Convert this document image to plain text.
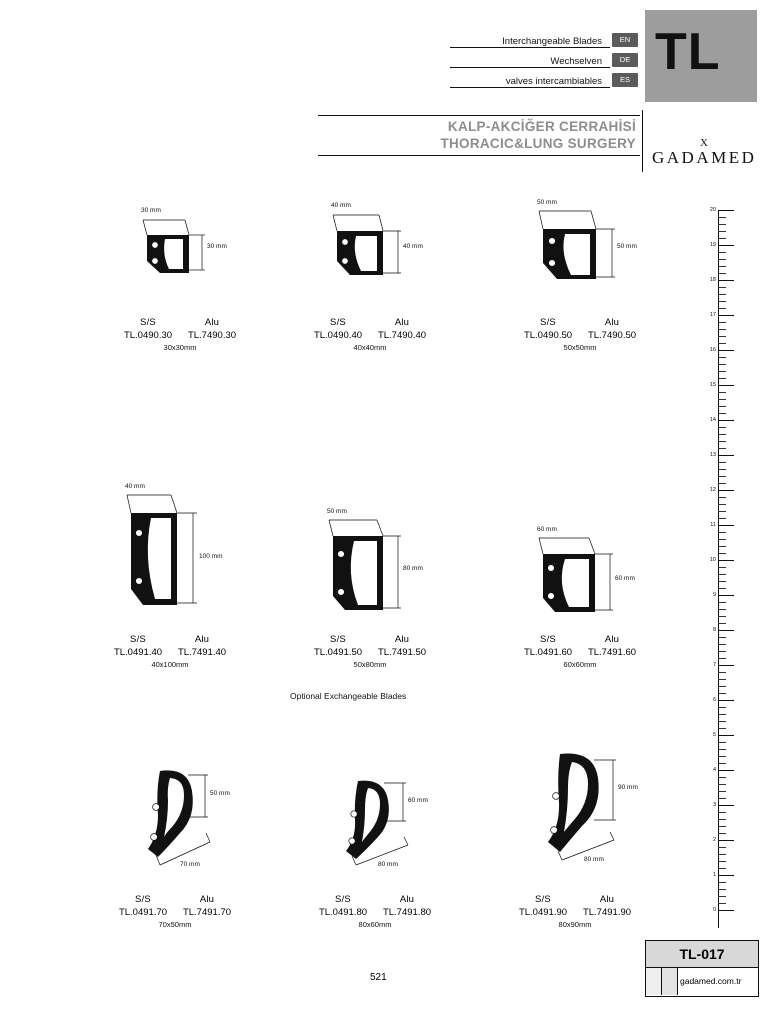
TL
Interchangeable Blades	EN
Wechselven	DE
valves intercambiables	ES
KALP-AKCİĞER CERRAHİSİ
THORACIC&LUNG SURGERY
GADAMED
X
20
19
18
17
16
15
14
13
12
11
10
9
8
7
6
5
4
3
2
1
0
30 mm
30 mm
S/S	Alu
TL.0490.30 TL.7490.30
30x30mm
40 mm
40 mm
S/S	Alu
TL.0490.40 TL.7490.40
40x40mm
50 mm
50 mm
S/S	Alu
TL.0490.50 TL.7490.50
50x50mm
40 mm
100 mm
S/S	Alu
TL.0491.40 TL.7491.40
40x100mm
50 mm
80 mm
S/S	Alu
TL.0491.50 TL.7491.50
50x80mm
60 mm
60 mm
S/S	Alu
TL.0491.60 TL.7491.60
60x60mm
50 mm
70 mm
S/S	Alu
TL.0491.70 TL.7491.70
70x50mm
60 mm
80 mm
S/S	Alu
TL.0491.80 TL.7491.80
80x60mm
90 mm
80 mm
S/S	Alu
TL.0491.90 TL.7491.90
80x90mm
Optional Exchangeable Blades
521
TL-017
gadamed.com.tr
